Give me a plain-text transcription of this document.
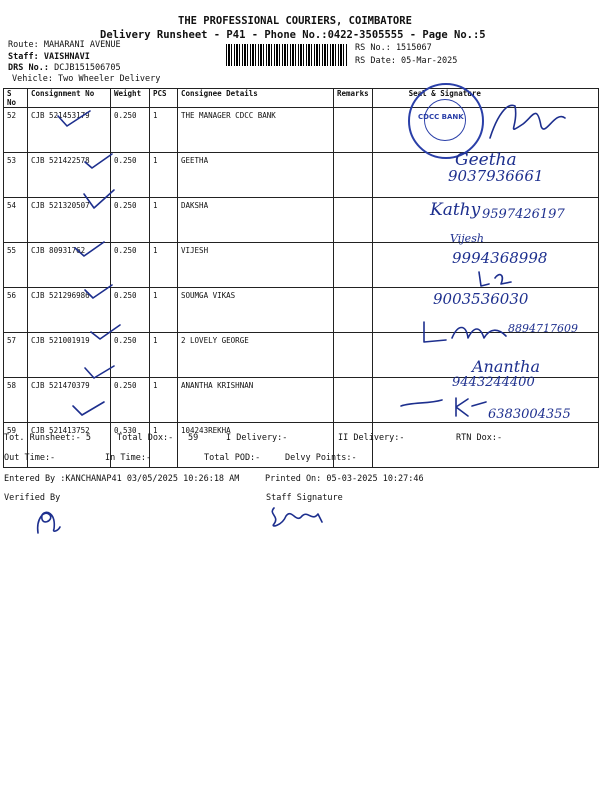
THE PROFESSIONAL COURIERS, COIMBATORE
Delivery Runsheet - P41 - Phone No.:0422-3505555 - Page No.:5
Route: MAHARANI AVENUE
Staff: VAISHNAVI
DRS No.: DCJB151506705
Vehicle: Two Wheeler Delivery
RS No.: 1515067
RS Date: 05-Mar-2025
S No	Consignment No	Weight	PCS	Consignee Details	Remarks	Seal & Signature
52	CJB 521453179	0.250	1	THE MANAGER CDCC BANK		
53	CJB 521422578	0.250	1	GEETHA		
54	CJB 521320507	0.250	1	DAKSHA		
55	CJB 80931762	0.250	1	VIJESH		
56	CJB 521296986	0.250	1	SOUMGA VIKAS		
57	CJB 521001919	0.250	1	2 LOVELY GEORGE		
58	CJB 521470379	0.250	1	ANANTHA KRISHNAN		
59	CJB 521413752	0.530	1	104243REKHA		
CDCC BANK
Geetha
9037936661
Kathy 9597426197
Vijesh
9994368998
9003536030
8894717609
Anantha
9443244400
6383004355
Tot. Runsheet:- 5	Total Dox:- 59	I Delivery:-	II Delivery:-	RTN Dox:-
Out Time:-	In Time:-	Total POD:-	Delvy Points:-
Entered By :KANCHANAP41 03/05/2025 10:26:18 AM	Printed On: 05-03-2025 10:27:46
Verified By	Staff Signature
